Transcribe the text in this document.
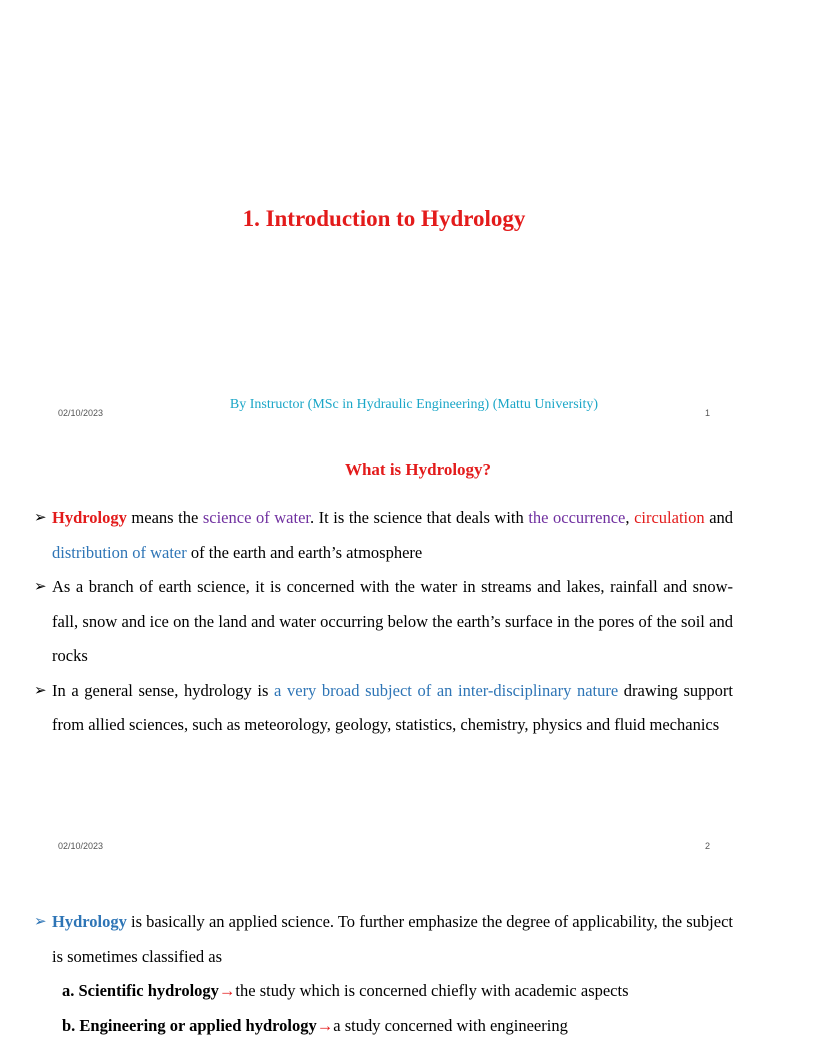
1. Introduction to Hydrology
By Instructor (MSc in Hydraulic Engineering) (Mattu University)
02/10/2023	1
What is Hydrology?
➢ Hydrology means the science of water. It is the science that deals with the occurrence, circulation and distribution of water of the earth and earth’s atmosphere
➢ As a branch of earth science, it is concerned with the water in streams and lakes, rainfall and snow-fall, snow and ice on the land and water occurring below the earth’s surface in the pores of the soil and rocks
➢ In a general sense, hydrology is a very broad subject of an inter-disciplinary nature drawing support from allied sciences, such as meteorology, geology, statistics, chemistry, physics and fluid mechanics
02/10/2023	2
➢ Hydrology is basically an applied science. To further emphasize the degree of applicability, the subject is sometimes classified as
a. Scientific hydrology→the study which is concerned chiefly with academic aspects
b. Engineering or applied hydrology→a study concerned with engineering
